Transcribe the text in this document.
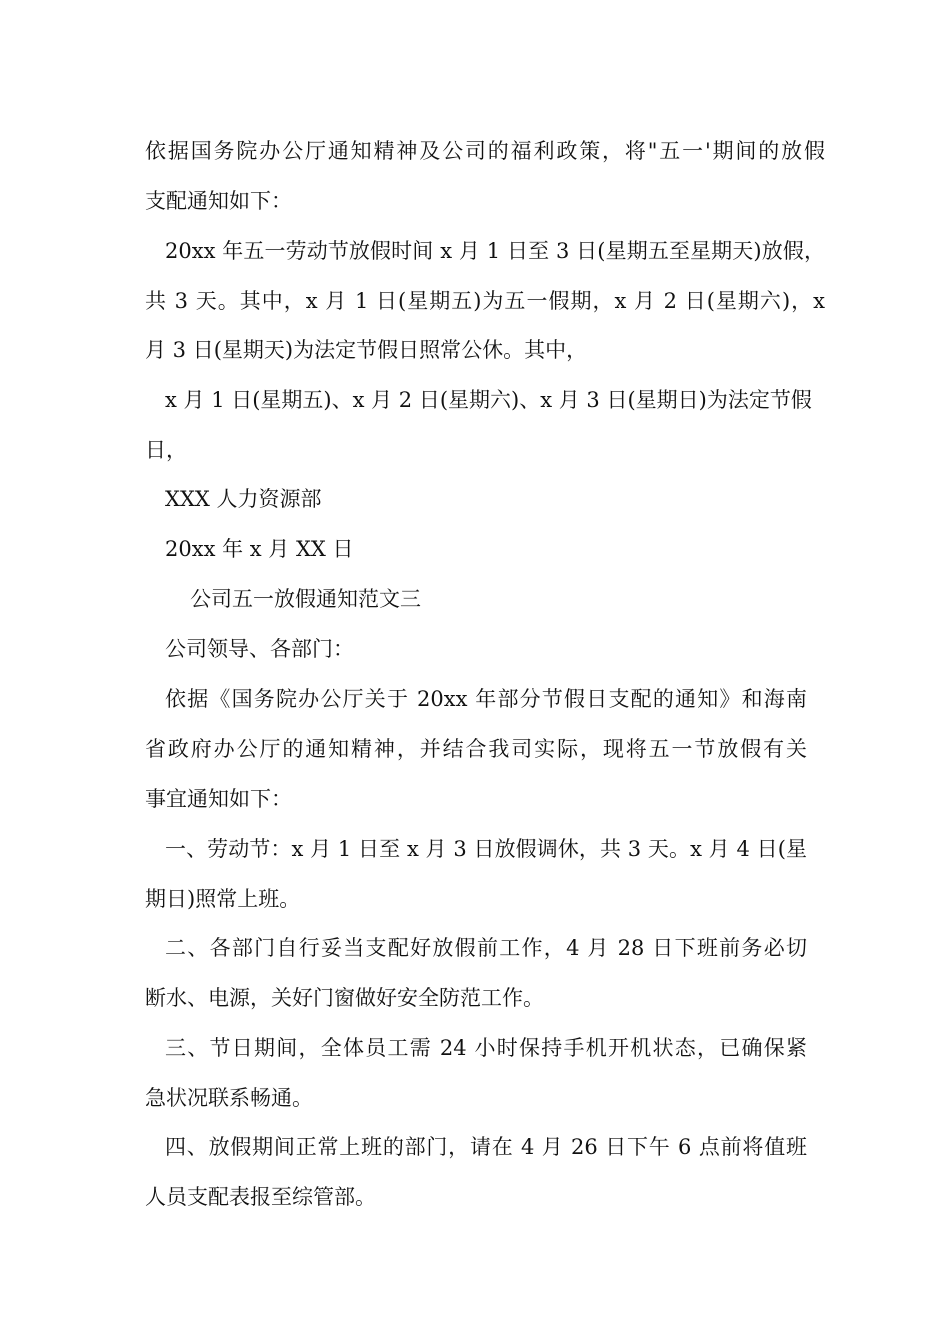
依据国务院办公厅通知精神及公司的福利政策，将"五一'期间的放假
支配通知如下：
20xx 年五一劳动节放假时间 x 月 1 日至 3 日(星期五至星期天)放假，
共 3 天。其中，x 月 1 日(星期五)为五一假期，x 月 2 日(星期六)，x
月 3 日(星期天)为法定节假日照常公休。其中，
x 月 1 日(星期五)、x 月 2 日(星期六)、x 月 3 日(星期日)为法定节假
日，
XXX 人力资源部
20xx 年 x 月 XX 日
公司五一放假通知范文三
公司领导、各部门：
依据《国务院办公厅关于 20xx 年部分节假日支配的通知》和海南
省政府办公厅的通知精神，并结合我司实际，现将五一节放假有关
事宜通知如下：
一、劳动节：x 月 1 日至 x 月 3 日放假调休，共 3 天。x 月 4 日(星
期日)照常上班。
二、各部门自行妥当支配好放假前工作，4 月 28 日下班前务必切
断水、电源，关好门窗做好安全防范工作。
三、节日期间，全体员工需 24 小时保持手机开机状态，已确保紧
急状况联系畅通。
四、放假期间正常上班的部门，请在 4 月 26 日下午 6 点前将值班
人员支配表报至综管部。
